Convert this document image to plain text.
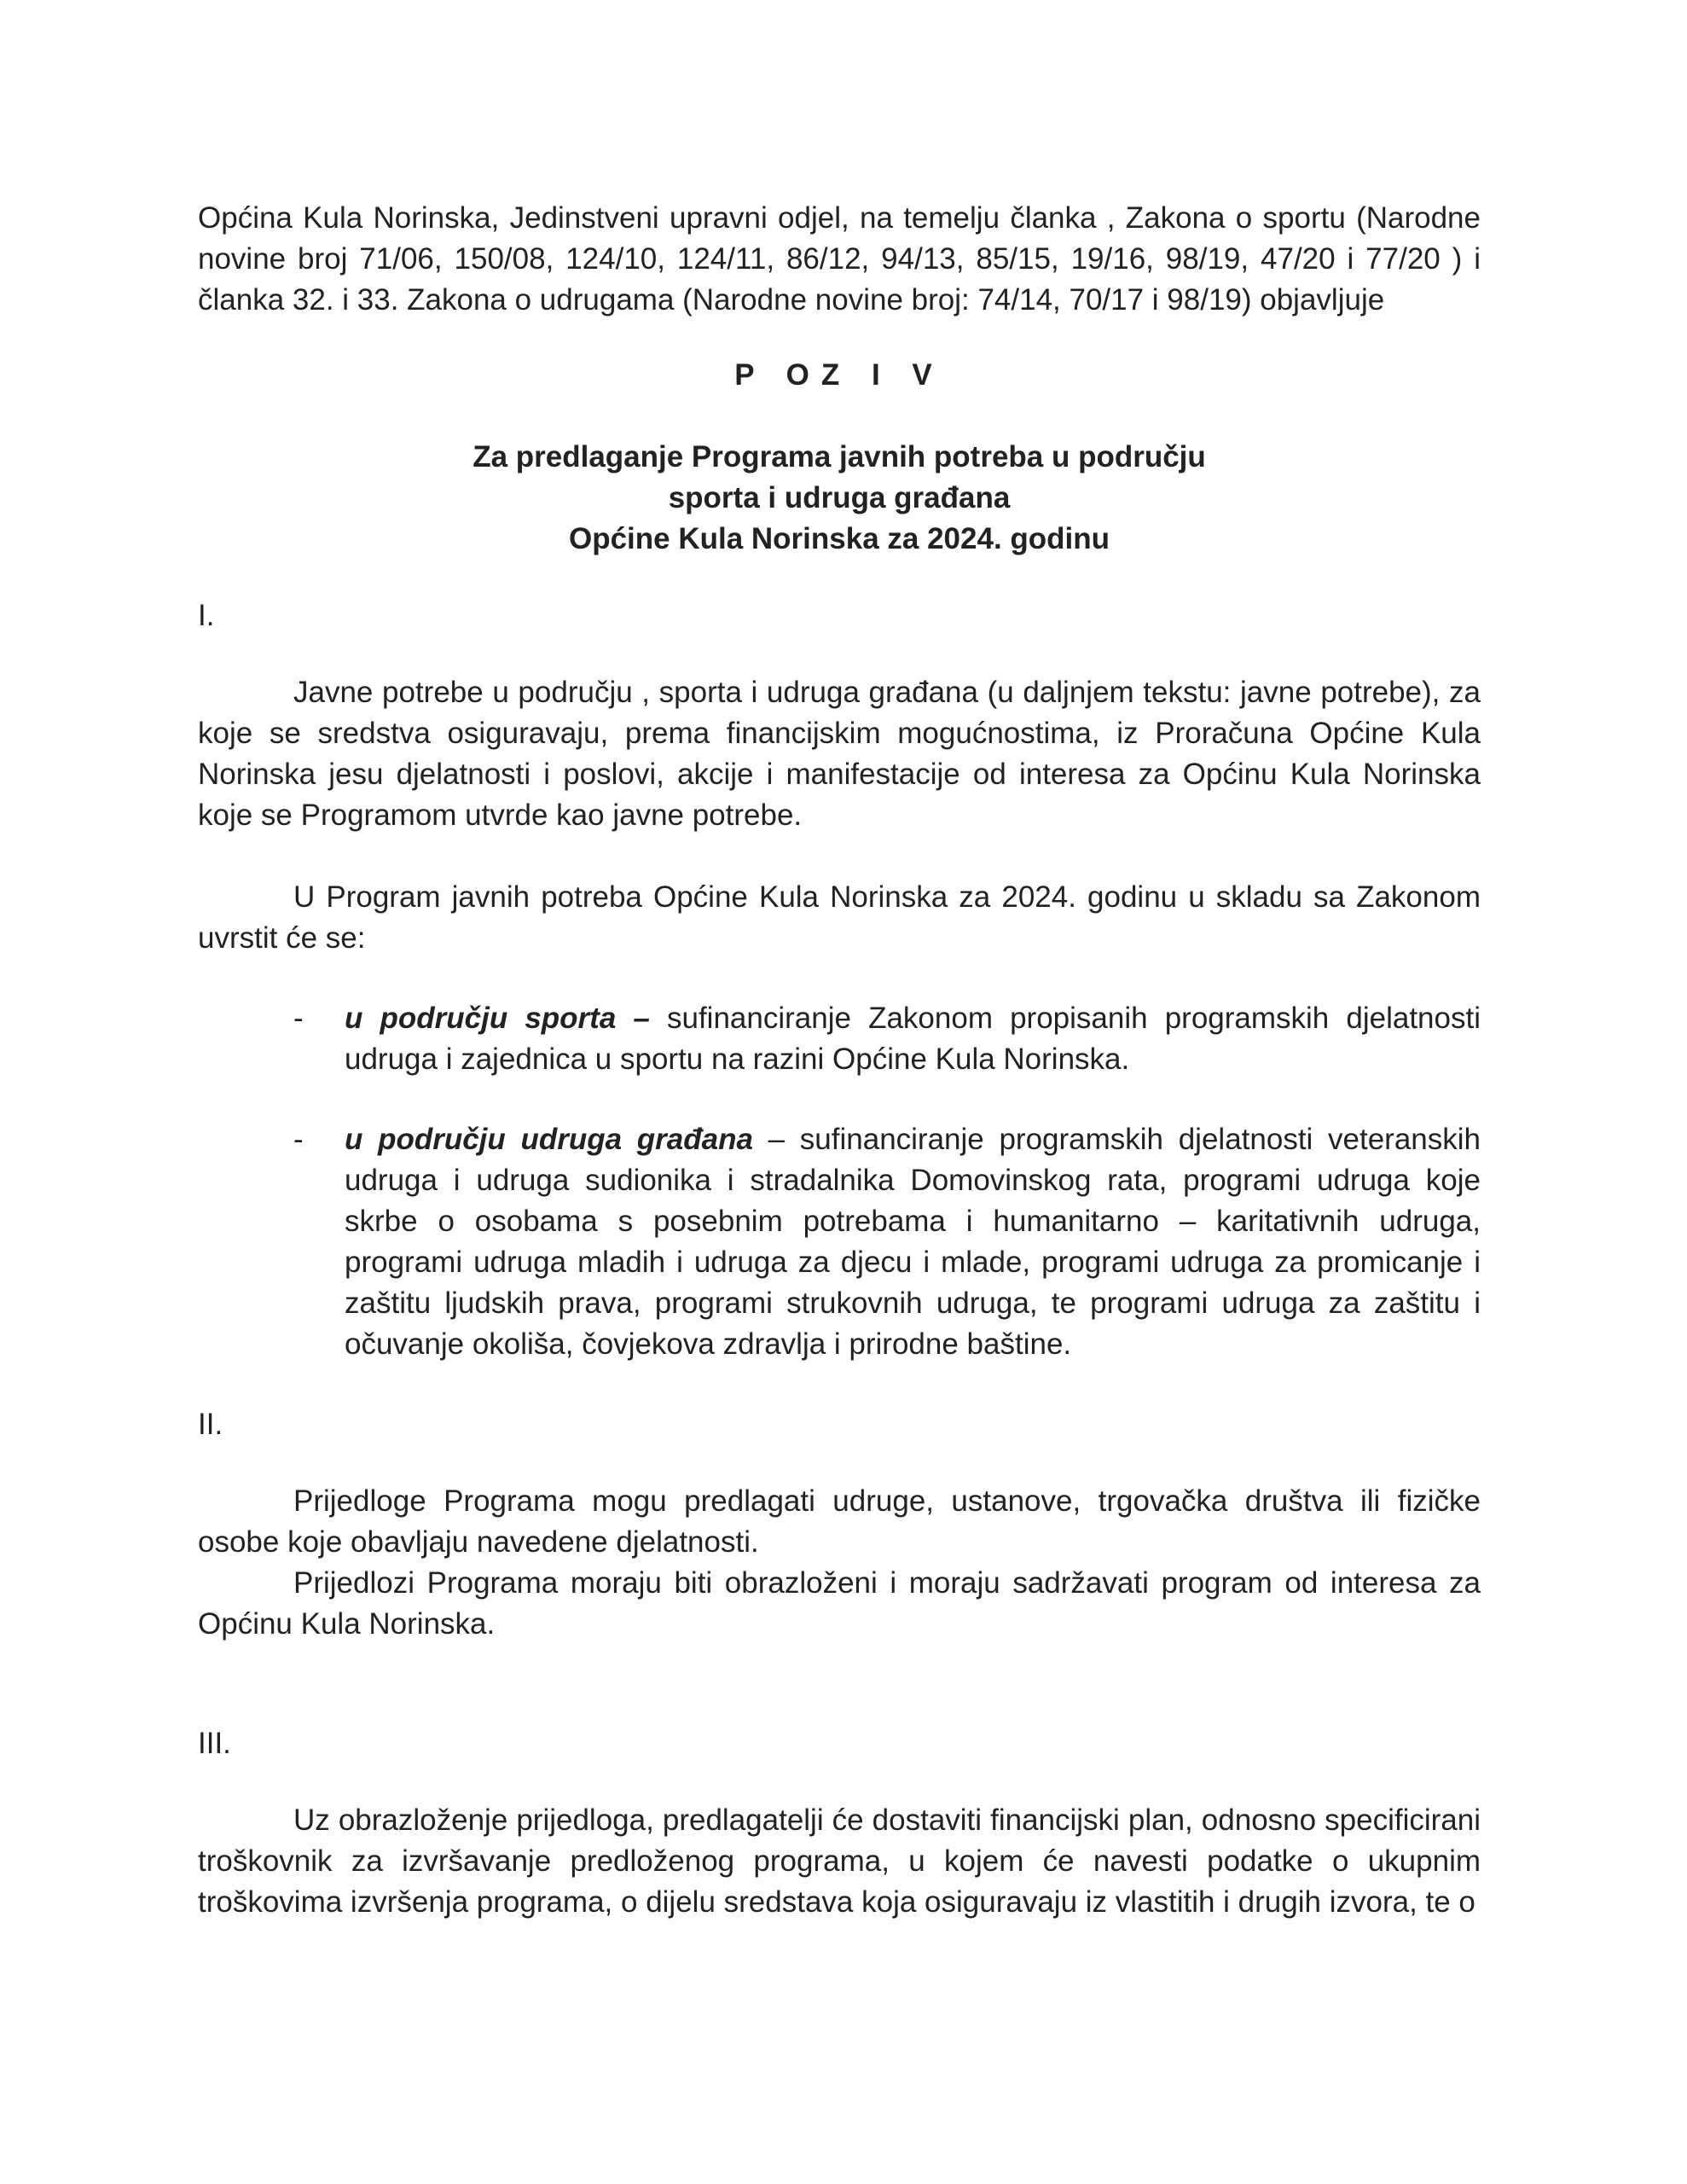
Općina Kula Norinska, Jedinstveni upravni odjel, na temelju članka , Zakona o sportu (Narodne novine broj 71/06, 150/08, 124/10, 124/11, 86/12, 94/13, 85/15, 19/16, 98/19, 47/20 i 77/20 ) i članka 32. i 33. Zakona o udrugama (Narodne novine broj: 74/14, 70/17 i 98/19) objavljuje

P OZ I V

Za predlaganje Programa javnih potreba u području
sporta i udruga građana
Općine Kula Norinska za 2024. godinu

I.

Javne potrebe u području , sporta i udruga građana (u daljnjem tekstu: javne potrebe), za koje se sredstva osiguravaju, prema financijskim mogućnostima, iz Proračuna Općine Kula Norinska jesu djelatnosti i poslovi, akcije i manifestacije od interesa za Općinu Kula Norinska koje se Programom utvrde kao javne potrebe.

U Program javnih potreba Općine Kula Norinska za 2024. godinu u skladu sa Zakonom uvrstit će se:

- u području sporta – sufinanciranje Zakonom propisanih programskih djelatnosti udruga i zajednica u sportu na razini Općine Kula Norinska.
- u području udruga građana – sufinanciranje programskih djelatnosti veteranskih udruga i udruga sudionika i stradalnika Domovinskog rata, programi udruga koje skrbe o osobama s posebnim potrebama i humanitarno – karitativnih udruga, programi udruga mladih i udruga za djecu i mlade, programi udruga za promicanje i zaštitu ljudskih prava, programi strukovnih udruga, te programi udruga za zaštitu i očuvanje okoliša, čovjekova zdravlja i prirodne baštine.

II.

Prijedloge Programa mogu predlagati udruge, ustanove, trgovačka društva ili fizičke osobe koje obavljaju navedene djelatnosti.

Prijedlozi Programa moraju biti obrazloženi i moraju sadržavati program od interesa za Općinu Kula Norinska.

III.

Uz obrazloženje prijedloga, predlagatelji će dostaviti financijski plan, odnosno specificirani troškovnik za izvršavanje predloženog programa, u kojem će navesti podatke o ukupnim troškovima izvršenja programa, o dijelu sredstava koja osiguravaju iz vlastitih i drugih izvora, te o
